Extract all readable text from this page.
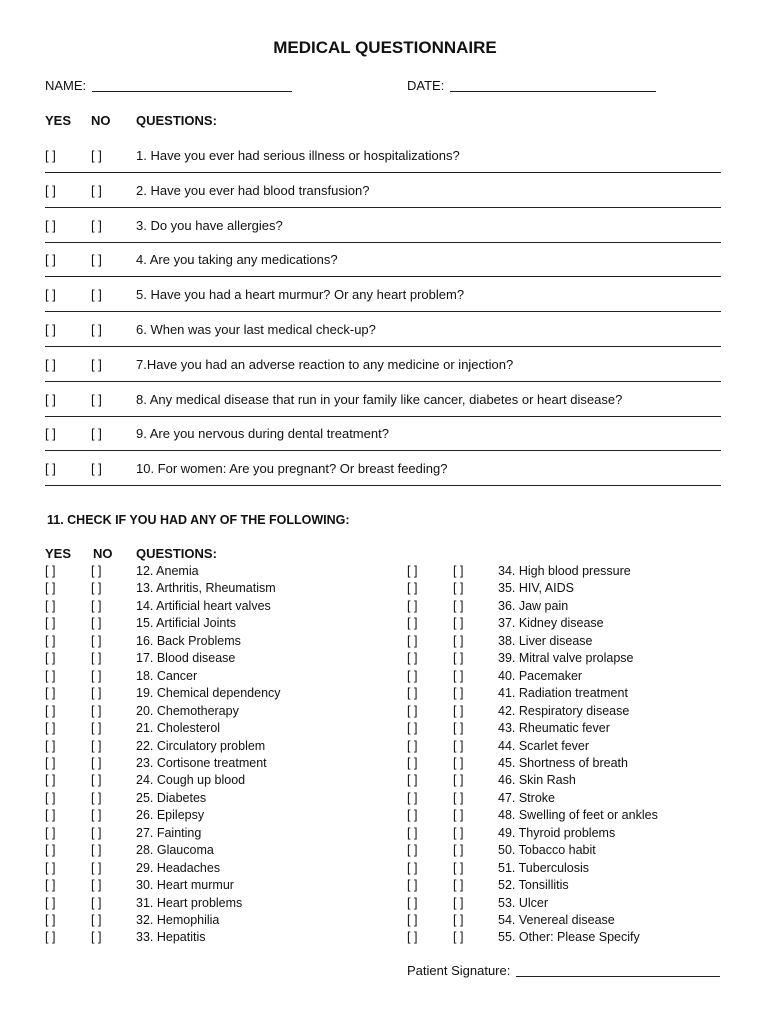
MEDICAL QUESTIONNAIRE
NAME:	DATE:
YES NO QUESTIONS:
[ ]	[ ]	1. Have you ever had serious illness or hospitalizations?
[ ]	[ ]	2. Have you ever had blood transfusion?
[ ]	[ ]	3. Do you have allergies?
[ ]	[ ]	4. Are you taking any medications?
[ ]	[ ]	5. Have you had a heart murmur? Or any heart problem?
[ ]	[ ]	6. When was your last medical check-up?
[ ]	[ ]	7.Have you had an adverse reaction to any medicine or injection?
[ ]	[ ]	8. Any medical disease that run in your family like cancer, diabetes or heart disease?
[ ]	[ ]	9. Are you nervous during dental treatment?
[ ]	[ ]	10. For women: Are you pregnant? Or breast feeding?
11. CHECK IF YOU HAD ANY OF THE FOLLOWING:
YES NO QUESTIONS:
[ ]	[ ]	12. Anemia
[ ]	[ ]	13. Arthritis, Rheumatism
[ ]	[ ]	14. Artificial heart valves
[ ]	[ ]	15. Artificial Joints
[ ]	[ ]	16. Back Problems
[ ]	[ ]	17. Blood disease
[ ]	[ ]	18. Cancer
[ ]	[ ]	19. Chemical dependency
[ ]	[ ]	20. Chemotherapy
[ ]	[ ]	21. Cholesterol
[ ]	[ ]	22. Circulatory problem
[ ]	[ ]	23. Cortisone treatment
[ ]	[ ]	24. Cough up blood
[ ]	[ ]	25. Diabetes
[ ]	[ ]	26. Epilepsy
[ ]	[ ]	27. Fainting
[ ]	[ ]	28. Glaucoma
[ ]	[ ]	29. Headaches
[ ]	[ ]	30. Heart murmur
[ ]	[ ]	31. Heart problems
[ ]	[ ]	32. Hemophilia
[ ]	[ ]	33. Hepatitis
[ ]	[ ]	34. High blood pressure
[ ]	[ ]	35. HIV, AIDS
[ ]	[ ]	36. Jaw pain
[ ]	[ ]	37. Kidney disease
[ ]	[ ]	38. Liver disease
[ ]	[ ]	39. Mitral valve prolapse
[ ]	[ ]	40. Pacemaker
[ ]	[ ]	41. Radiation treatment
[ ]	[ ]	42. Respiratory disease
[ ]	[ ]	43. Rheumatic fever
[ ]	[ ]	44. Scarlet fever
[ ]	[ ]	45. Shortness of breath
[ ]	[ ]	46. Skin Rash
[ ]	[ ]	47. Stroke
[ ]	[ ]	48. Swelling of feet or ankles
[ ]	[ ]	49. Thyroid problems
[ ]	[ ]	50. Tobacco habit
[ ]	[ ]	51. Tuberculosis
[ ]	[ ]	52. Tonsillitis
[ ]	[ ]	53. Ulcer
[ ]	[ ]	54. Venereal disease
[ ]	[ ]	55. Other: Please Specify
Patient Signature:
